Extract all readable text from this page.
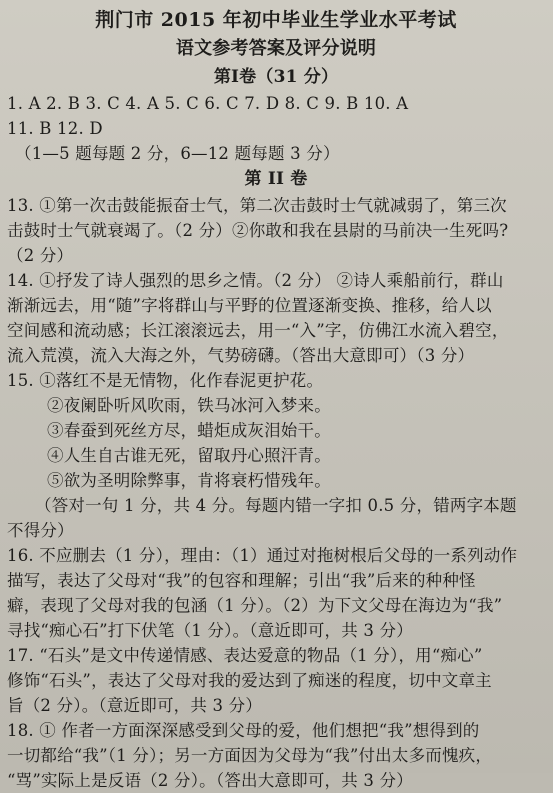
荆门市 2015 年初中毕业生学业水平考试
语文参考答案及评分说明
第Ⅰ卷（31 分）
1. A 2. B 3. C 4. A 5. C 6. C 7. D 8. C 9. B 10. A
11. B 12. D
（1—5 题每题 2 分，6—12 题每题 3 分）
第 II 卷
13. ①第一次击鼓能振奋士气，第二次击鼓时士气就减弱了，第三次
击鼓时士气就衰竭了。（2 分）②你敢和我在县尉的马前决一生死吗?
（2 分）
14. ①抒发了诗人强烈的思乡之情。（2 分） ②诗人乘船前行，群山
渐渐远去，用“随”字将群山与平野的位置逐渐变换、推移，给人以
空间感和流动感；长江滚滚远去，用一“入”字，仿佛江水流入碧空，
流入荒漠，流入大海之外，气势磅礴。（答出大意即可）（3 分）
15. ①落红不是无情物，化作春泥更护花。
②夜阑卧听风吹雨，铁马冰河入梦来。
③春蚕到死丝方尽，蜡炬成灰泪始干。
④人生自古谁无死，留取丹心照汗青。
⑤欲为圣明除弊事，肯将衰朽惜残年。
（答对一句 1 分，共 4 分。每题内错一字扣 0.5 分，错两字本题
不得分）
16. 不应删去（1 分），理由：（1）通过对拖树根后父母的一系列动作
描写，表达了父母对“我”的包容和理解；引出“我”后来的种种怪
癖，表现了父母对我的包涵（1 分）。（2）为下文父母在海边为“我”
寻找“痴心石”打下伏笔（1 分）。（意近即可，共 3 分）
17. “石头”是文中传递情感、表达爱意的物品（1 分），用“痴心”
修饰“石头”，表达了父母对我的爱达到了痴迷的程度，切中文章主
旨（2 分）。（意近即可，共 3 分）
18. ① 作者一方面深深感受到父母的爱，他们想把“我”想得到的
一切都给“我”（1 分）；另一方面因为父母为“我”付出太多而愧疚，
“骂”实际上是反语（2 分）。（答出大意即可，共 3 分）
